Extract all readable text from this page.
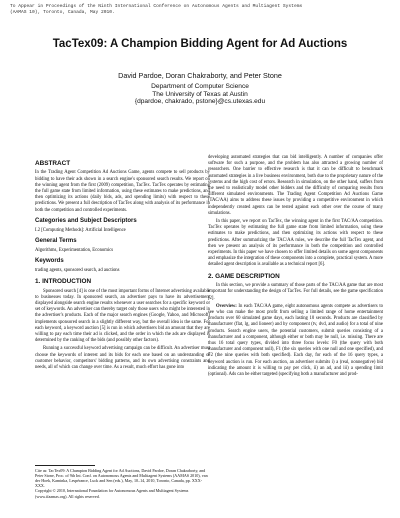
To Appear in Proceedings of the Ninth International Conference on Autonomous Agents and Multiagent Systems (AAMAS 10), Toronto, Canada, May 2010.
TacTex09: A Champion Bidding Agent for Ad Auctions
David Pardoe, Doran Chakraborty, and Peter Stone
Department of Computer Science
The University of Texas at Austin
{dpardoe, chakrado, pstone}@cs.utexas.edu
ABSTRACT

In the Trading Agent Competition Ad Auctions Game, agents compete to sell products by bidding to have their ads shown in a search engine's sponsored search results. We report on the winning agent from the first (2009) competition, TacTex. TacTex operates by estimating the full game state from limited information, using these estimates to make predictions, and then optimizing its actions (daily bids, ads, and spending limits) with respect to these predictions. We present a full description of TacTex along with analysis of its performance in both the competition and controlled experiments.

Categories and Subject Descriptors

I.2 [Computing Methods]: Artificial Intelligence

General Terms

Algorithms, Experimentation, Economics

Keywords

trading agents, sponsored search, ad auctions

1. INTRODUCTION

Sponsored search [4] is one of the most important forms of Internet advertising available to businesses today. In sponsored search, an advertiser pays to have its advertisement displayed alongside search engine results whenever a user searches for a specific keyword or set of keywords. An advertiser can thereby target only those users who might be interested in the advertiser's products. Each of the major search engines (Google, Yahoo, and Microsoft) implements sponsored search in a slightly different way, but the overall idea is the same. For each keyword, a keyword auction [5] is run in which advertisers bid an amount that they are willing to pay each time their ad is clicked, and the order in which the ads are displayed is determined by the ranking of the bids (and possibly other factors).

Running a successful keyword advertising campaign can be difficult. An advertiser must choose the keywords of interest and its bids for each one based on an understanding of customer behavior, competitors' bidding patterns, and its own advertising constraints and needs, all of which can change over time. As a result, much effort has gone into

Cite as: TacTex09: A Champion Bidding Agent for Ad Auctions, David Pardoe, Doran Chakraborty, and Peter Stone, Proc. of 9th Int. Conf. on Autonomous Agents and Multiagent Systems (AAMAS 2010), van der Hoek, Kaminka, Lespérance, Luck and Sen (eds.), May, 10–14, 2010, Toronto, Canada, pp. XXX-XXX.
Copyright © 2010, International Foundation for Autonomous Agents and Multiagent Systems (www.ifaamas.org). All rights reserved.

developing automated strategies that can bid intelligently. A number of companies offer software for such a purpose, and the problem has also attracted a growing number of researchers. One barrier to effective research is that it can be difficult to benchmark automated strategies in a live business environment, both due to the proprietary nature of the systems and the high cost of errors. Research in simulation, on the other hand, suffers from the need to realistically model other bidders and the difficulty of comparing results from different simulated environments. The Trading Agent Competition Ad Auctions Game (TAC/AA) aims to address these issues by providing a competitive environment in which independently created agents can be tested against each other over the course of many simulations.

In this paper, we report on TacTex, the winning agent in the first TAC/AA competition. TacTex operates by estimating the full game state from limited information, using these estimates to make predictions, and then optimizing its actions with respect to these predictions. After summarizing the TAC/AA rules, we describe the full TacTex agent, and then we present an analysis of its performance in both the competition and controlled experiments. In this paper we have chosen to offer limited details on some agent components and emphasize the integration of these components into a complete, practical system. A more detailed agent description is available as a technical report [6].

2. GAME DESCRIPTION

In this section, we provide a summary of those parts of the TAC/AA game that are most important for understanding the design of TacTex. For full details, see the game specification [2].

Overview: In each TAC/AA game, eight autonomous agents compete as advertisers to see who can make the most profit from selling a limited range of home entertainment products over 60 simulated game days, each lasting 10 seconds. Products are classified by manufacturer (flat, lg, and lioneer) and by component (tv, dvd, and audio) for a total of nine products. Search engine users, the potential customers, submit queries consisting of a manufacturer and a component, although either or both may be null, i.e. missing. There are thus 16 total query types, divided into three focus levels: F0 (the query with both manufacturer and component null), F1 (the six queries with one null and one specified), and F2 (the nine queries with both specified). Each day, for each of the 16 query types, a keyword auction is run. For each auction, an advertiser submits i) a (real, nonnegative) bid indicating the amount it is willing to pay per click, ii) an ad, and iii) a spending limit (optional). Ads can be either targeted (specifying both a manufacturer and prod-
